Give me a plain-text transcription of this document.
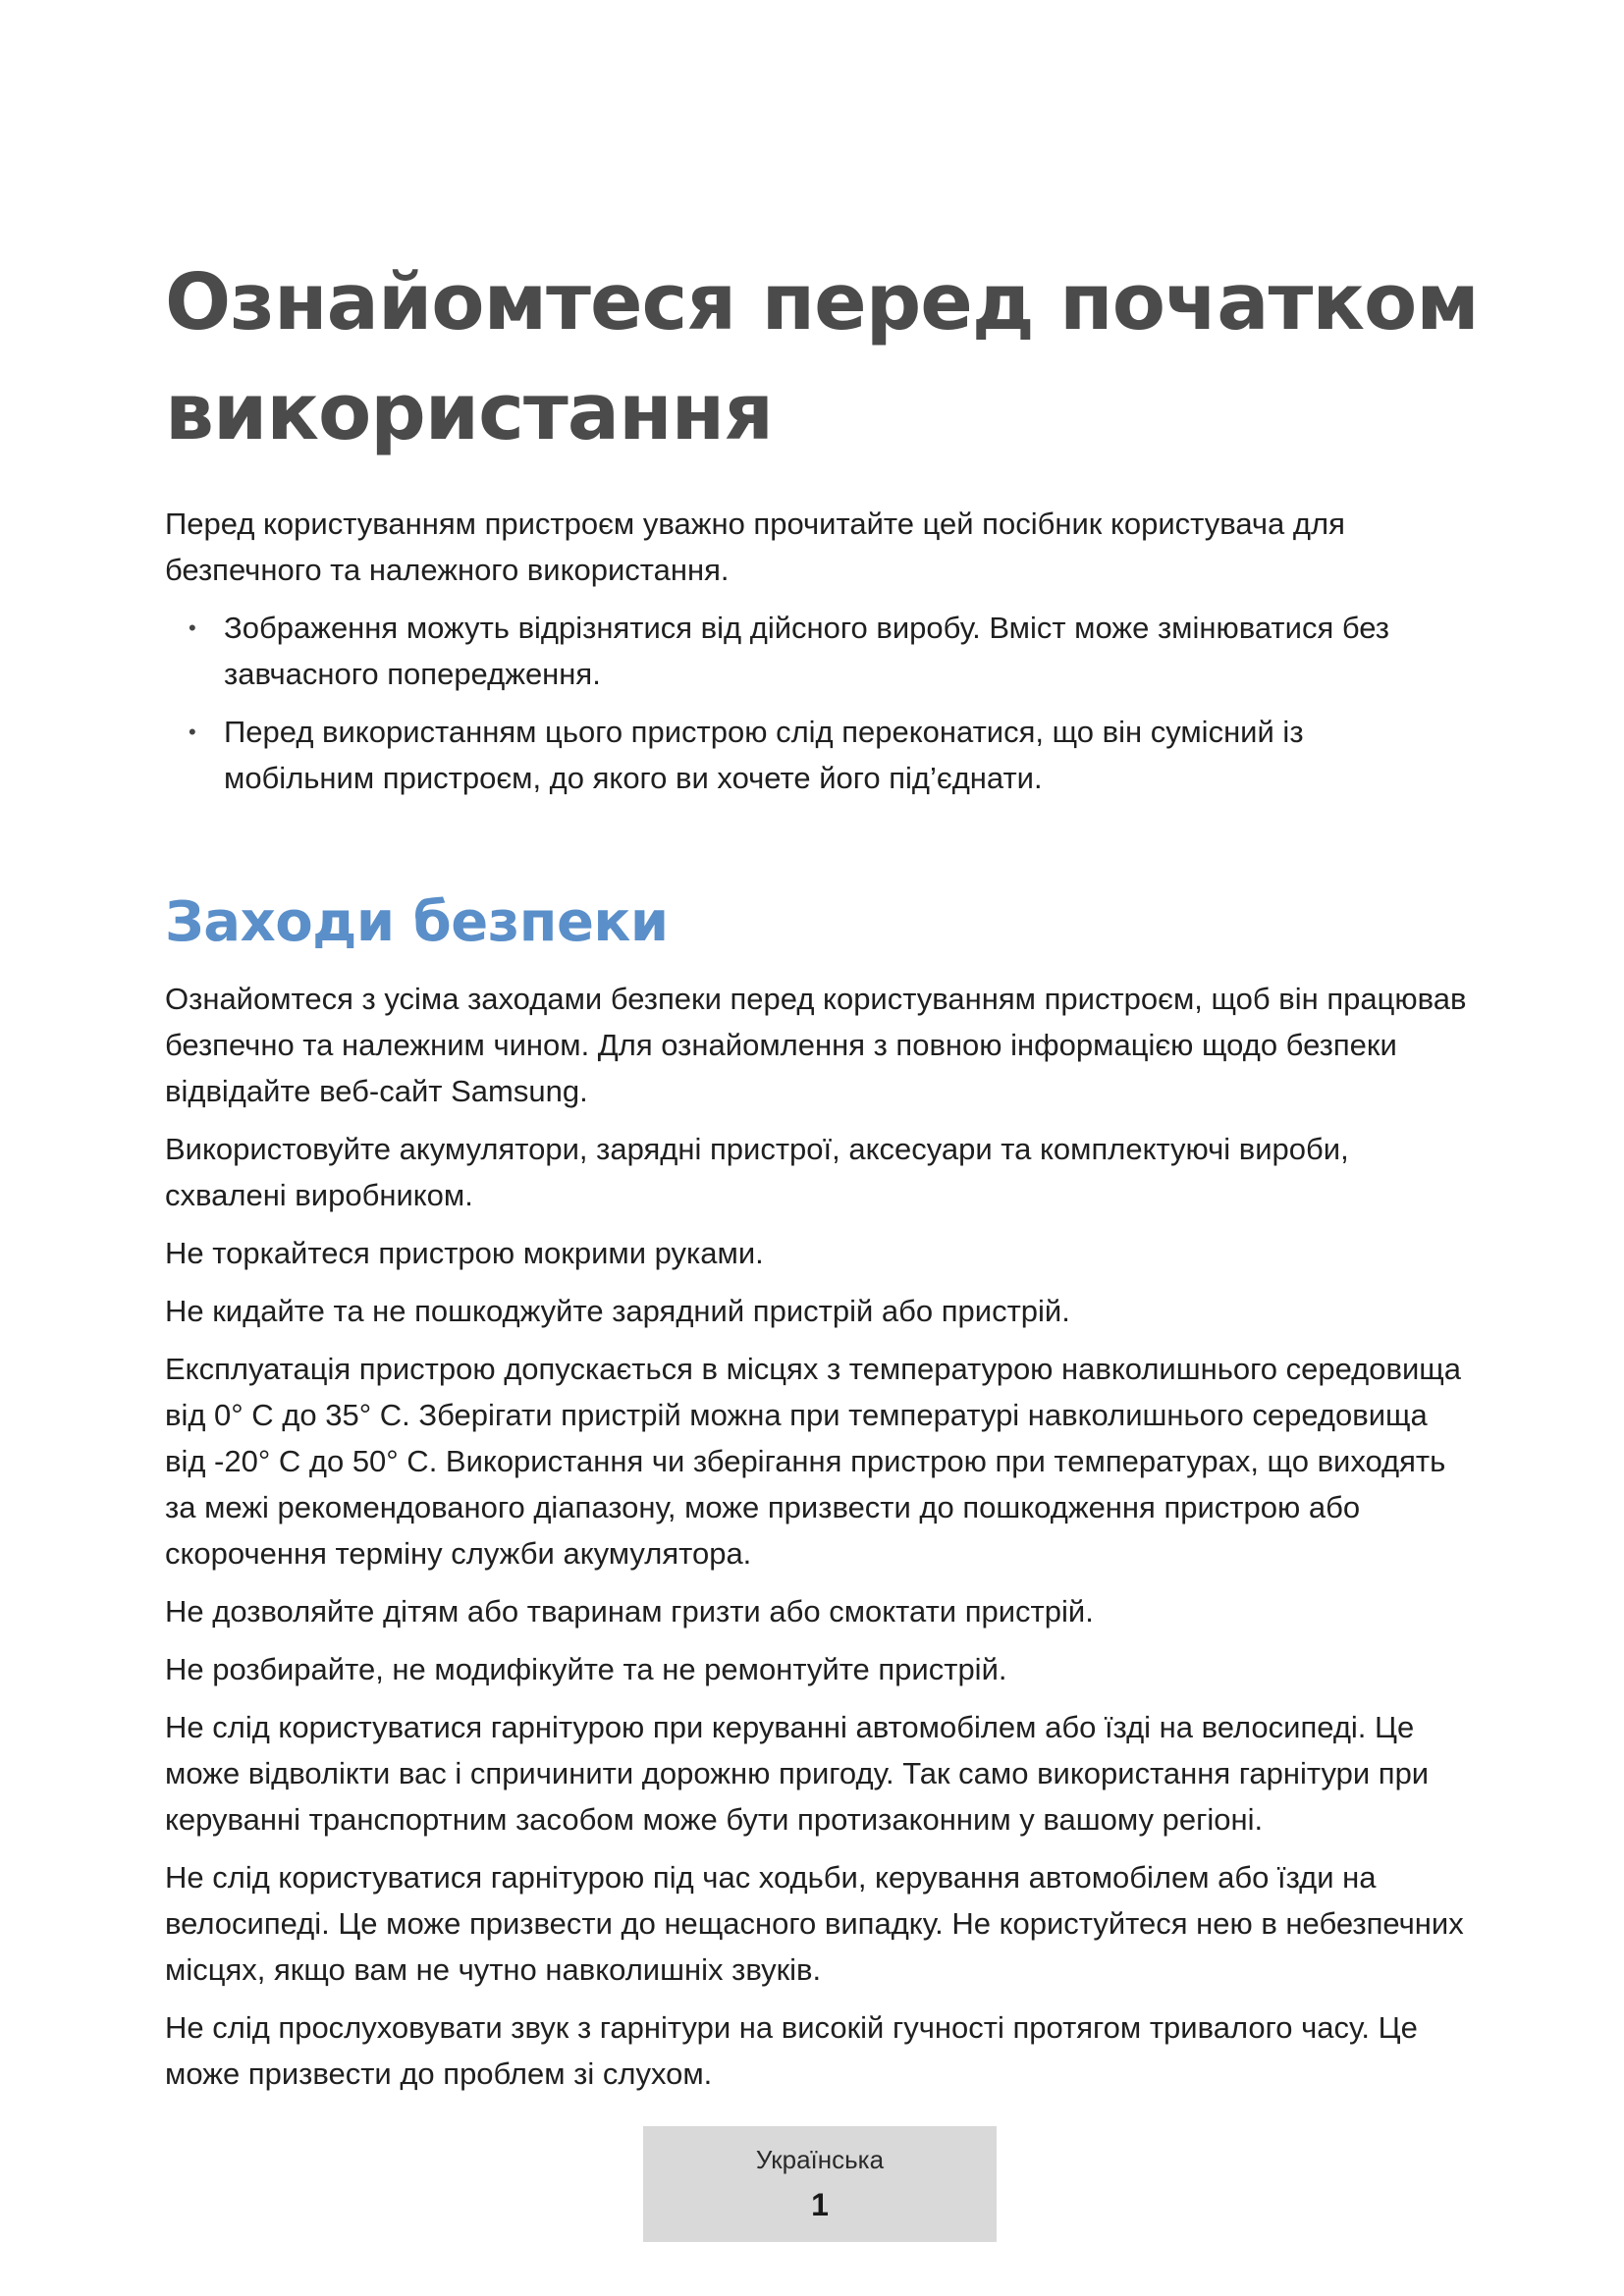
Ознайомтеся перед початком використання

Перед користуванням пристроєм уважно прочитайте цей посібник користувача для безпечного та належного використання.

• Зображення можуть відрізнятися від дійсного виробу. Вміст може змінюватися без завчасного попередження.
• Перед використанням цього пристрою слід переконатися, що він сумісний із мобільним пристроєм, до якого ви хочете його під’єднати.
Заходи безпеки

Ознайомтеся з усіма заходами безпеки перед користуванням пристроєм, щоб він працював безпечно та належним чином. Для ознайомлення з повною інформацією щодо безпеки відвідайте веб-сайт Samsung.

Використовуйте акумулятори, зарядні пристрої, аксесуари та комплектуючі вироби, схвалені виробником.

Не торкайтеся пристрою мокрими руками.

Не кидайте та не пошкоджуйте зарядний пристрій або пристрій.

Експлуатація пристрою допускається в місцях з температурою навколишнього середовища від 0° C до 35° C. Зберігати пристрій можна при температурі навколишнього середовища від -20° C до 50° C. Використання чи зберігання пристрою при температурах, що виходять за межі рекомендованого діапазону, може призвести до пошкодження пристрою або скорочення терміну служби акумулятора.

Не дозволяйте дітям або тваринам гризти або смоктати пристрій.

Не розбирайте, не модифікуйте та не ремонтуйте пристрій.

Не слід користуватися гарнітурою при керуванні автомобілем або їзді на велосипеді. Це може відволікти вас і спричинити дорожню пригоду. Так само використання гарнітури при керуванні транспортним засобом може бути протизаконним у вашому регіоні.

Не слід користуватися гарнітурою під час ходьби, керування автомобілем або їзди на велосипеді. Це може призвести до нещасного випадку. Не користуйтеся нею в небезпечних місцях, якщо вам не чутно навколишніх звуків.

Не слід прослуховувати звук з гарнітури на високій гучності протягом тривалого часу. Це може призвести до проблем зі слухом.

Українська
1
